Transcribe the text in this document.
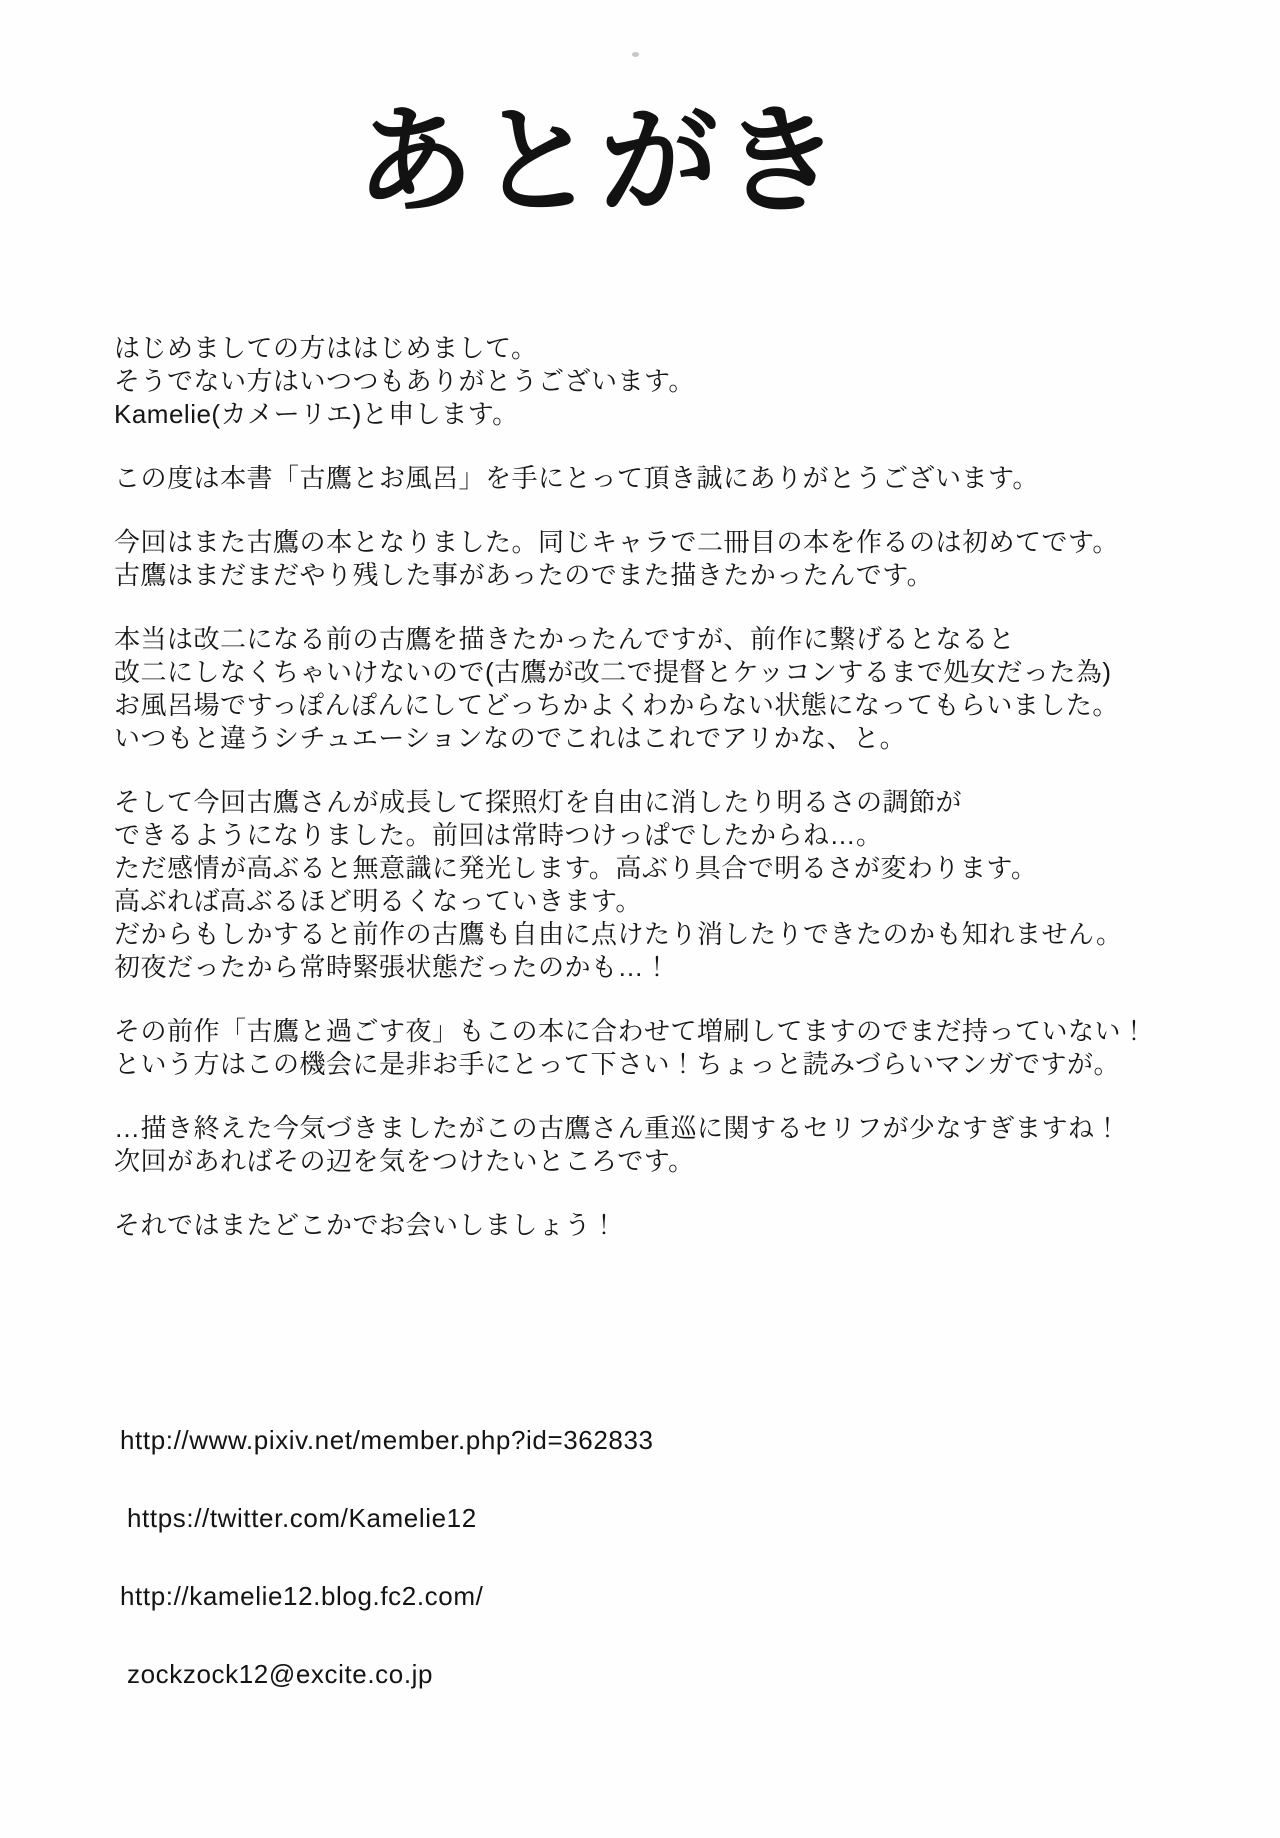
あとがき
はじめましての方ははじめまして。
そうでない方はいつつもありがとうございます。
Kamelie(カメーリエ)と申します。
この度は本書「古鷹とお風呂」を手にとって頂き誠にありがとうございます。
今回はまた古鷹の本となりました。同じキャラで二冊目の本を作るのは初めてです。
古鷹はまだまだやり残した事があったのでまた描きたかったんです。
本当は改二になる前の古鷹を描きたかったんですが、前作に繋げるとなると
改二にしなくちゃいけないので(古鷹が改二で提督とケッコンするまで処女だった為)
お風呂場ですっぽんぽんにしてどっちかよくわからない状態になってもらいました。
いつもと違うシチュエーションなのでこれはこれでアリかな、と。
そして今回古鷹さんが成長して探照灯を自由に消したり明るさの調節が
できるようになりました。前回は常時つけっぱでしたからね…。
ただ感情が高ぶると無意識に発光します。高ぶり具合で明るさが変わります。
高ぶれば高ぶるほど明るくなっていきます。
だからもしかすると前作の古鷹も自由に点けたり消したりできたのかも知れません。
初夜だったから常時緊張状態だったのかも…！
その前作「古鷹と過ごす夜」もこの本に合わせて増刷してますのでまだ持っていない！
という方はこの機会に是非お手にとって下さい！ちょっと読みづらいマンガですが。
…描き終えた今気づきましたがこの古鷹さん重巡に関するセリフが少なすぎますね！
次回があればその辺を気をつけたいところです。
それではまたどこかでお会いしましょう！
http://www.pixiv.net/member.php?id=362833
https://twitter.com/Kamelie12
http://kamelie12.blog.fc2.com/
zockzock12@excite.co.jp
